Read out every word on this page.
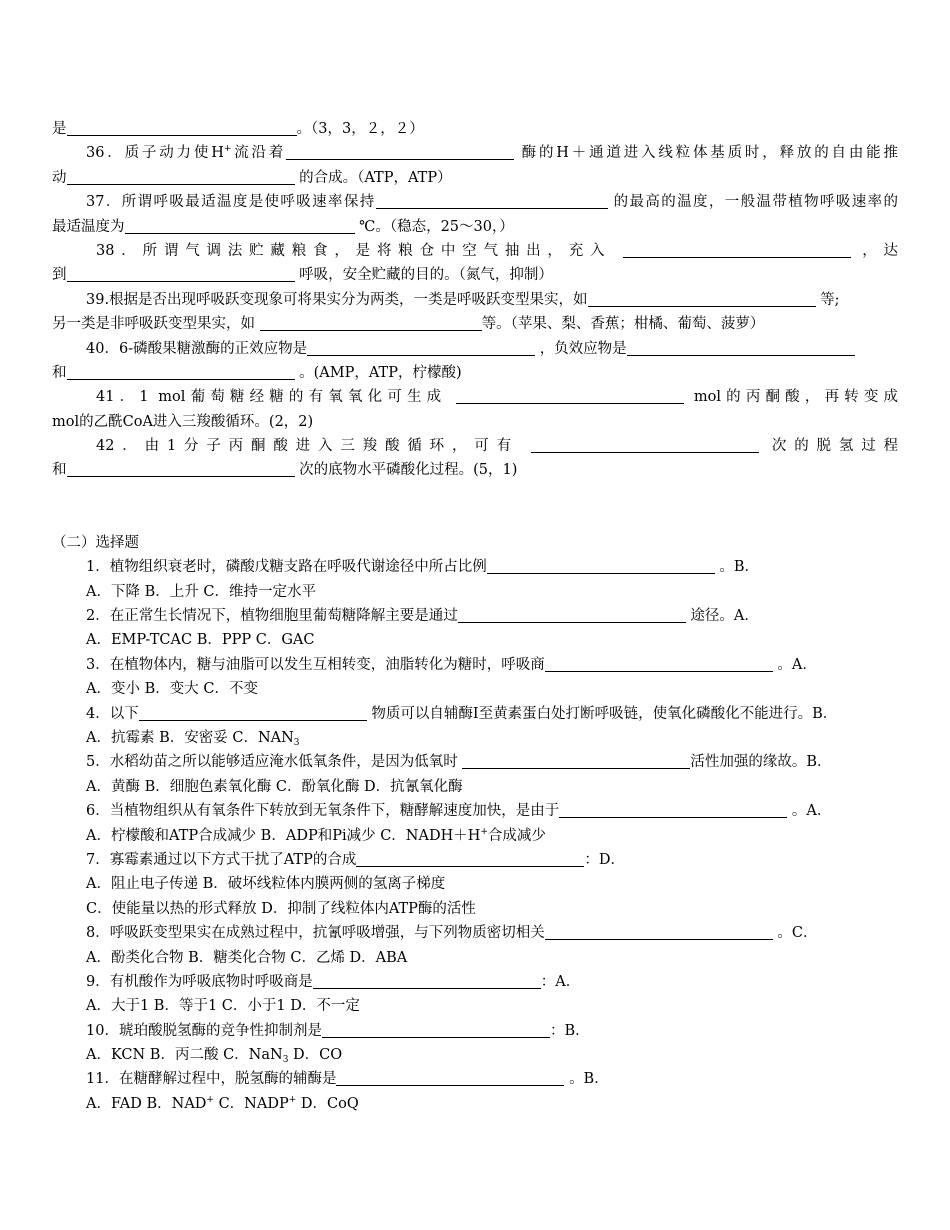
是	。（3，3，２，２）
36．质子动力使H+流沿着	酶的H＋通道进入线粒体基质时，释放的自由能推
动	的合成。（ATP，ATP）
37．所谓呼吸最适温度是使呼吸速率保持	的最高的温度，一般温带植物呼吸速率的
最适温度为	℃。（稳态，25～30，）
38．所谓气调法贮藏粮食，是将粮仓中空气抽出，充入	，达
到	呼吸，安全贮藏的目的。（氮气，抑制）
39.根据是否出现呼吸跃变现象可将果实分为两类，一类是呼吸跃变型果实，如	等;
另一类是非呼吸跃变型果实，如	等。（苹果、梨、香蕉；柑橘、葡萄、菠萝）
40．6-磷酸果糖激酶的正效应物是	，负效应物是
和	。(AMP，ATP，柠檬酸)
41．1 mol葡萄糖经糖的有氧氧化可生成	mol的丙酮酸，再转变成
mol的乙酰CoA进入三羧酸循环。(2，2)
42．由1分子丙酮酸进入三羧酸循环，可有	次的脱氢过程
和	次的底物水平磷酸化过程。(5，1)
（二）选择题
1．植物组织衰老时，磷酸戊糖支路在呼吸代谢途径中所占比例	。B．
A．下降 B．上升 C．维持一定水平
2．在正常生长情况下，植物细胞里葡萄糖降解主要是通过	途径。A．
A．EMP-TCAC B．PPP C．GAC
3．在植物体内，糖与油脂可以发生互相转变，油脂转化为糖时，呼吸商	。A．
A．变小 B．变大 C．不变
4．以下	物质可以自辅酶Ⅰ至黄素蛋白处打断呼吸链，使氧化磷酸化不能进行。B．
A．抗霉素 B．安密妥 C．$NAN_3$
5．水稻幼苗之所以能够适应淹水低氧条件，是因为低氧时	活性加强的缘故。B．
A．黄酶 B．细胞色素氧化酶 C．酚氧化酶 D．抗氰氧化酶
6．当植物组织从有氧条件下转放到无氧条件下，糖酵解速度加快，是由于	。A．
A．柠檬酸和ATP合成减少 B．ADP和Pi减少 C．NADH＋H+合成减少
7．寡霉素通过以下方式干扰了ATP的合成	：D．
A．阻止电子传递 B．破坏线粒体内膜两侧的氢离子梯度
C．使能量以热的形式释放 D．抑制了线粒体内ATP酶的活性
8．呼吸跃变型果实在成熟过程中，抗氰呼吸增强，与下列物质密切相关	。C．
A．酚类化合物 B．糖类化合物 C．乙烯 D．ABA
9．有机酸作为呼吸底物时呼吸商是	：A．
A．大于1 B．等于1 C．小于1 D．不一定
10．琥珀酸脱氢酶的竞争性抑制剂是	：B．
A．KCN B．丙二酸 C．NaN$_3$ D．CO
11．在糖酵解过程中，脱氢酶的辅酶是	。B．
A．FAD B．NAD+ C．NADP+ D．CoQ
